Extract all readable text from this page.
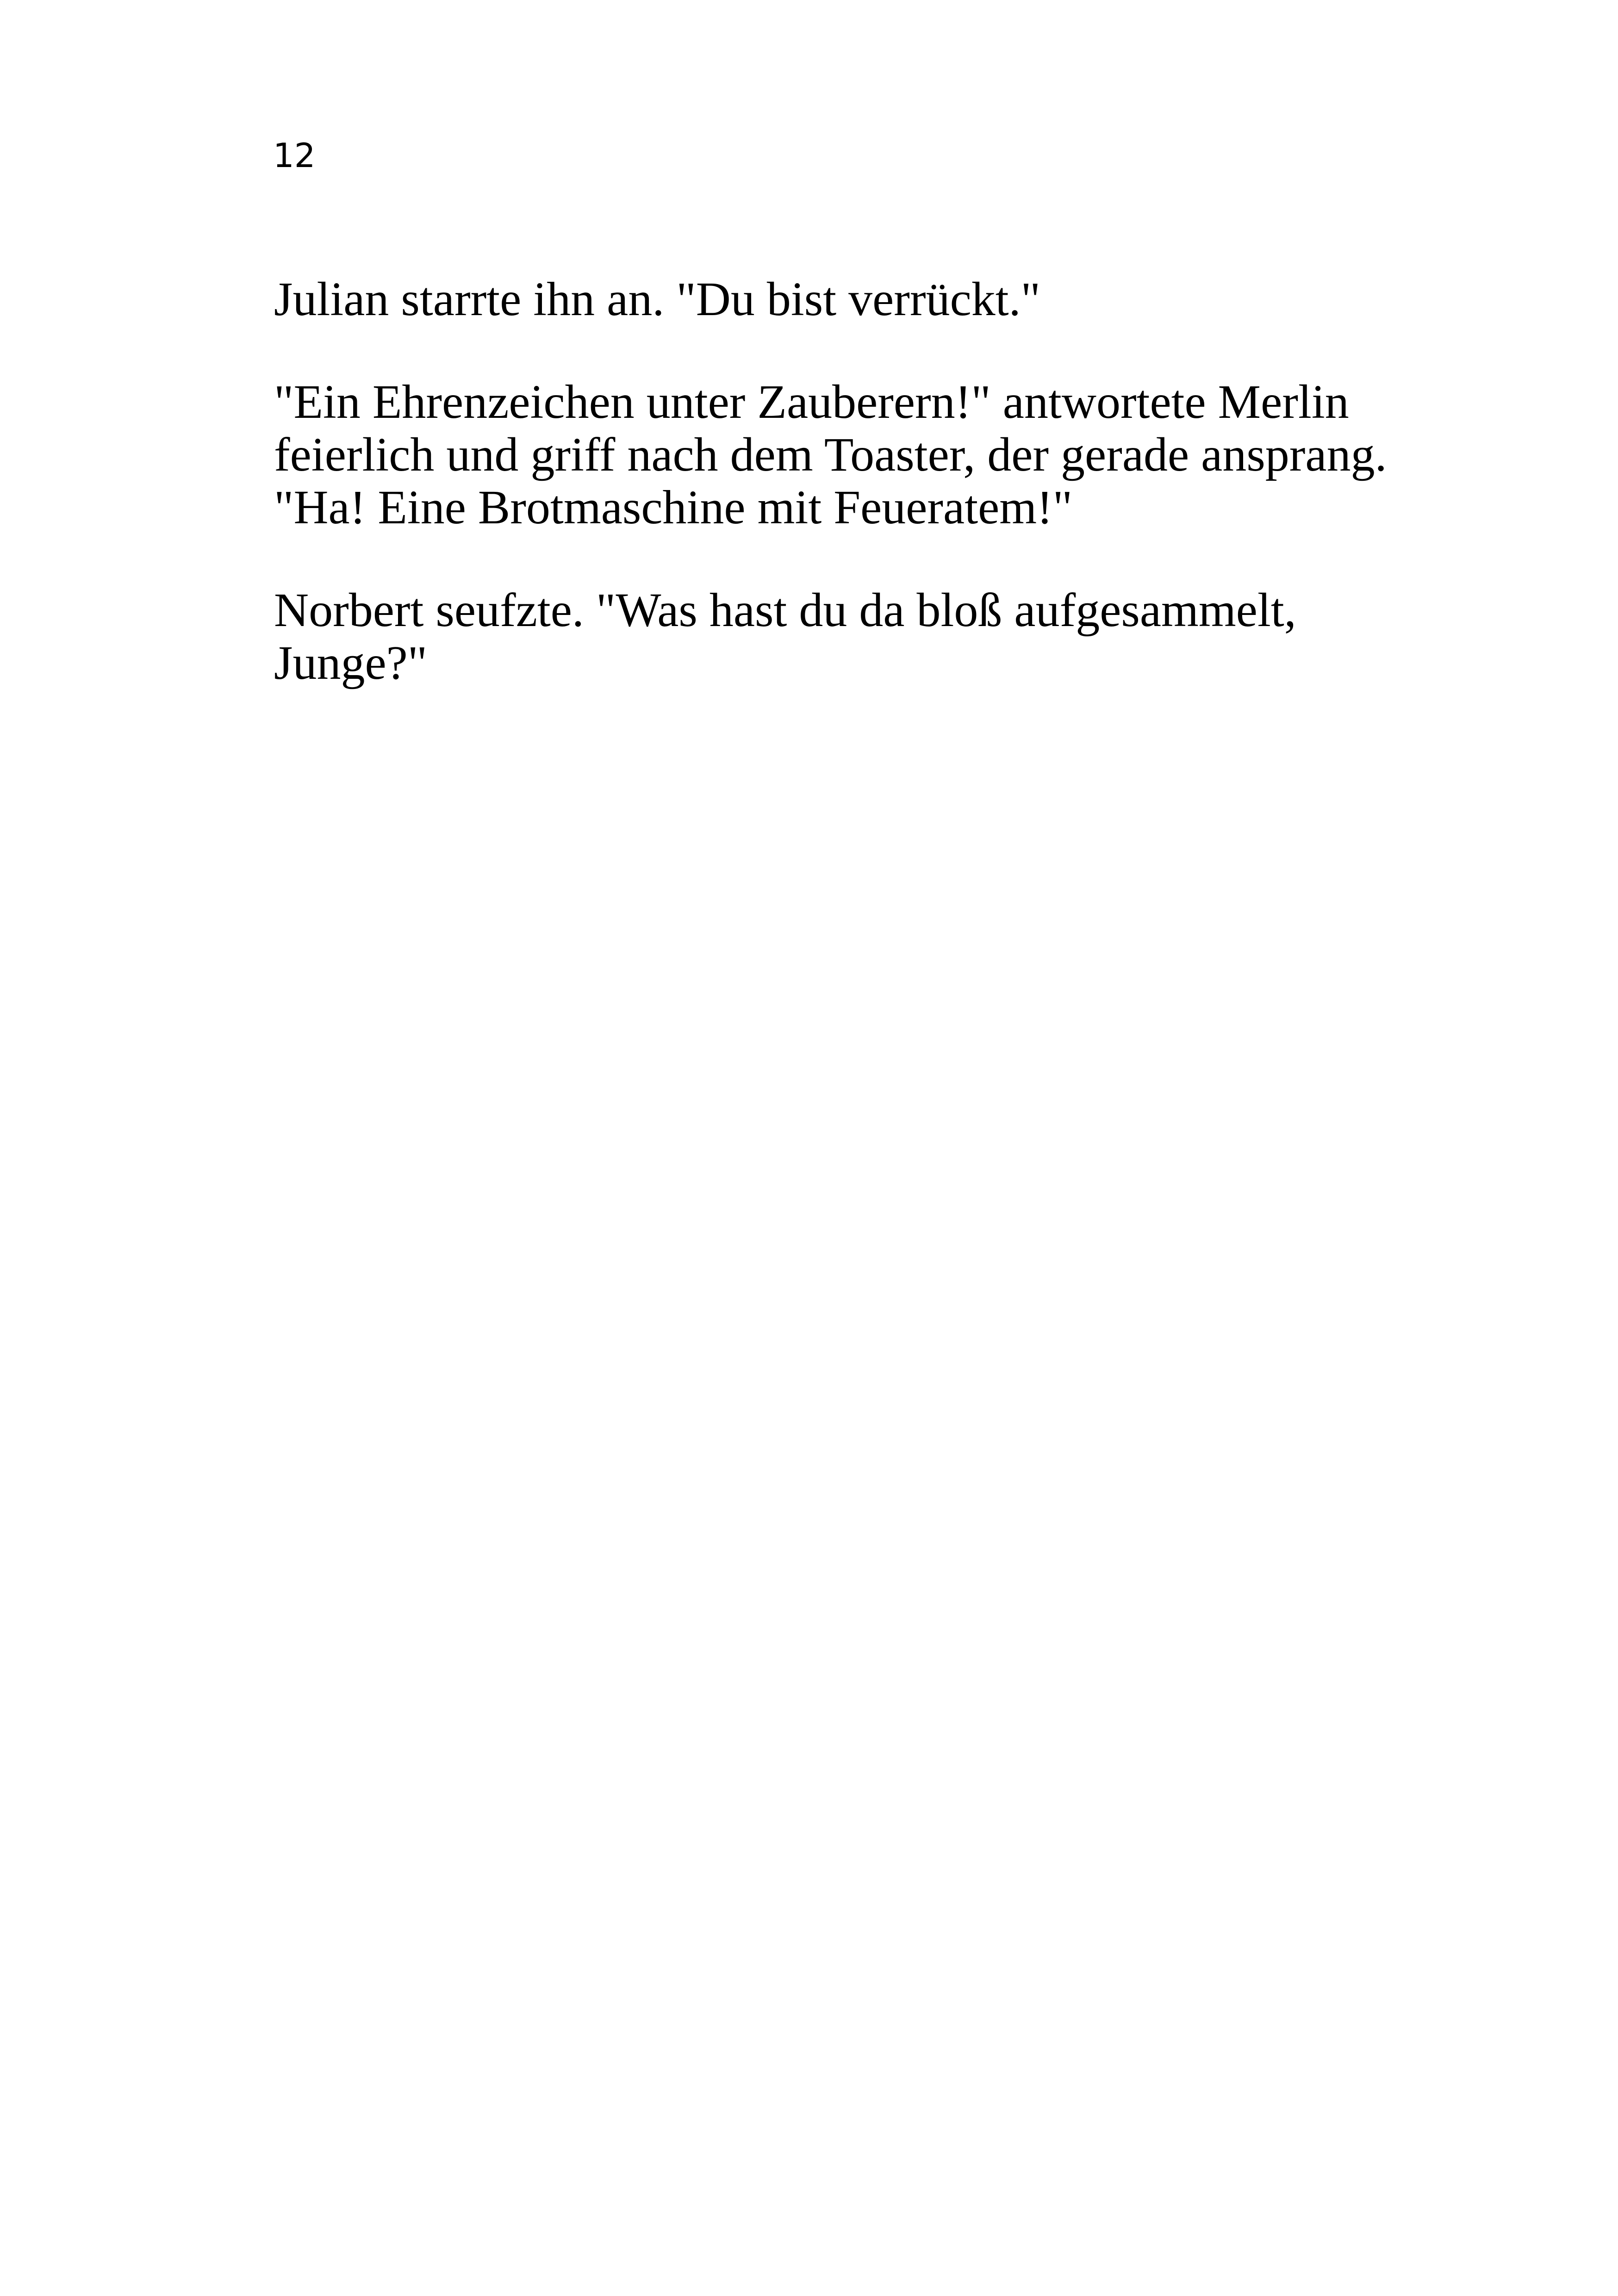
12

Julian starrte ihn an. "Du bist verrückt."

"Ein Ehrenzeichen unter Zauberern!" antwortete Merlin
feierlich und griff nach dem Toaster, der gerade ansprang.
"Ha! Eine Brotmaschine mit Feueratem!"

Norbert seufzte. "Was hast du da bloß aufgesammelt,
Junge?"
